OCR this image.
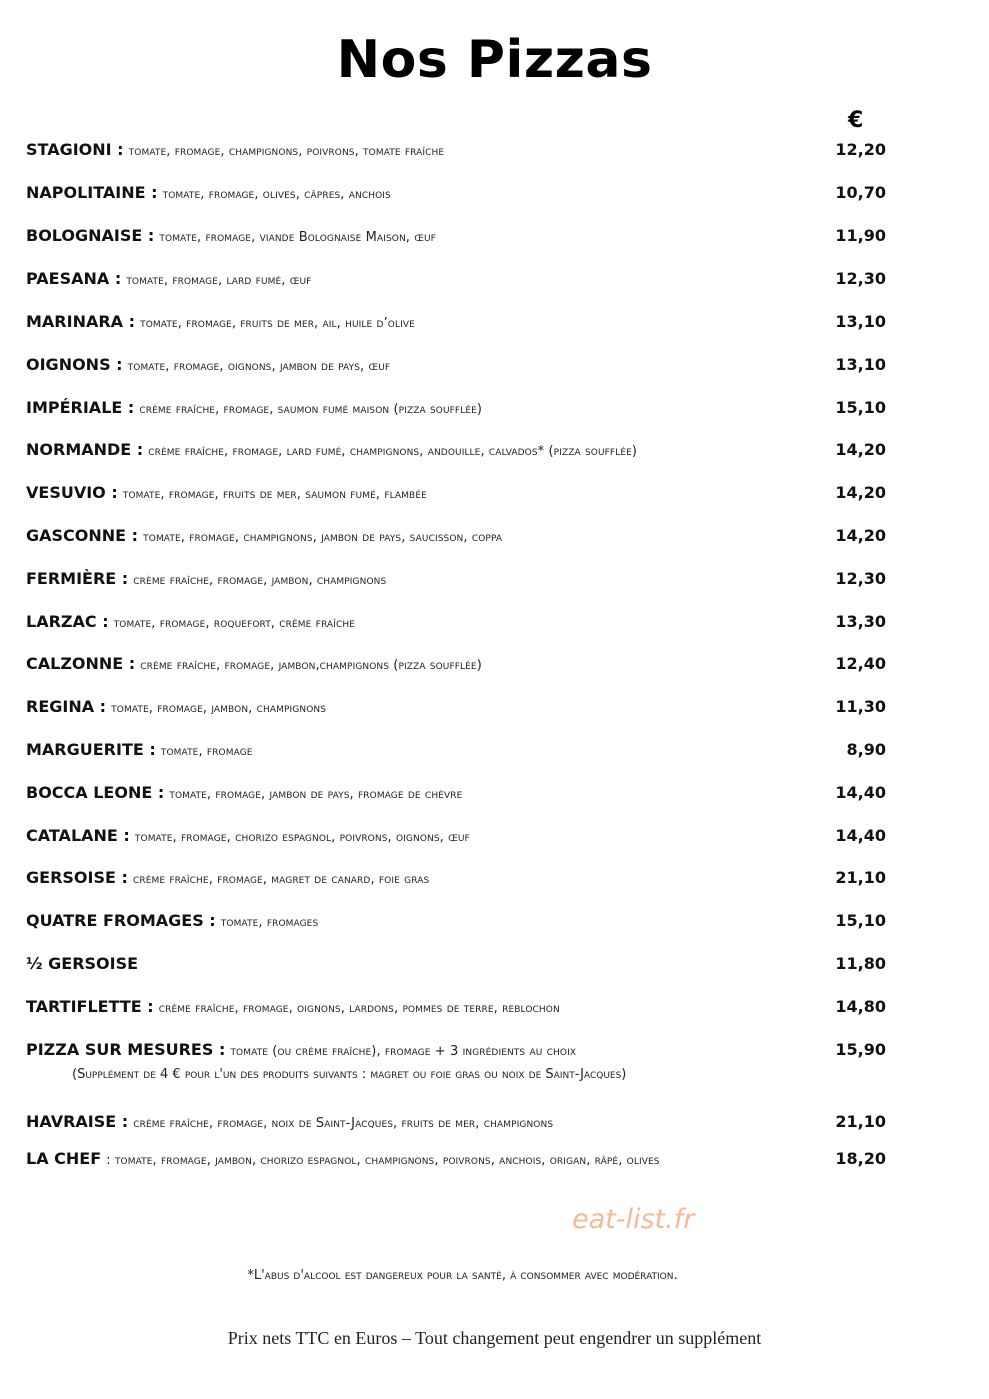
Nos Pizzas
€
STAGIONI : tomate, fromage, champignons, poivrons, tomate fraîche	12,20
NAPOLITAINE : tomate, fromage, olives, câpres, anchois	10,70
BOLOGNAISE : tomate, fromage, viande Bolognaise Maison, œuf	11,90
PAESANA : tomate, fromage, lard fumé, œuf	12,30
MARINARA : tomate, fromage, fruits de mer, ail, huile d’olive	13,10
OIGNONS : tomate, fromage, oignons, jambon de pays, œuf	13,10
IMPÉRIALE : crème fraîche, fromage, saumon fumé maison (pizza soufflée)	15,10
NORMANDE : crème fraîche, fromage, lard fumé, champignons, andouille, calvados* (pizza soufflée)	14,20
VESUVIO : tomate, fromage, fruits de mer, saumon fumé, flambée	14,20
GASCONNE : tomate, fromage, champignons, jambon de pays, saucisson, coppa	14,20
FERMIÈRE : crème fraîche, fromage, jambon, champignons	12,30
LARZAC : tomate, fromage, roquefort, crème fraîche	13,30
CALZONNE : crème fraîche, fromage, jambon,champignons (pizza soufflée)	12,40
REGINA : tomate, fromage, jambon, champignons	11,30
MARGUERITE : tomate, fromage	8,90
BOCCA LEONE : tomate, fromage, jambon de pays, fromage de chèvre	14,40
CATALANE : tomate, fromage, chorizo espagnol, poivrons, oignons, œuf	14,40
GERSOISE : crème fraîche, fromage, magret de canard, foie gras	21,10
QUATRE FROMAGES : tomate, fromages	15,10
½ GERSOISE	11,80
TARTIFLETTE : crème fraîche, fromage, oignons, lardons, pommes de terre, reblochon	14,80
PIZZA SUR MESURES : tomate (ou crème fraîche), fromage + 3 ingrédients au choix	15,90
HAVRAISE : crème fraîche, fromage, noix de Saint-Jacques, fruits de mer, champignons	21,10
LA CHEF : tomate, fromage, jambon, chorizo espagnol, champignons, poivrons, anchois, origan, râpé, olives	18,20
(Supplément de 4 € pour l'un des produits suivants : magret ou foie gras ou noix de Saint-Jacques)
eat-list.fr
*L'abus d'alcool est dangereux pour la santé, à consommer avec modération.
Prix nets TTC en Euros – Tout changement peut engendrer un supplément
